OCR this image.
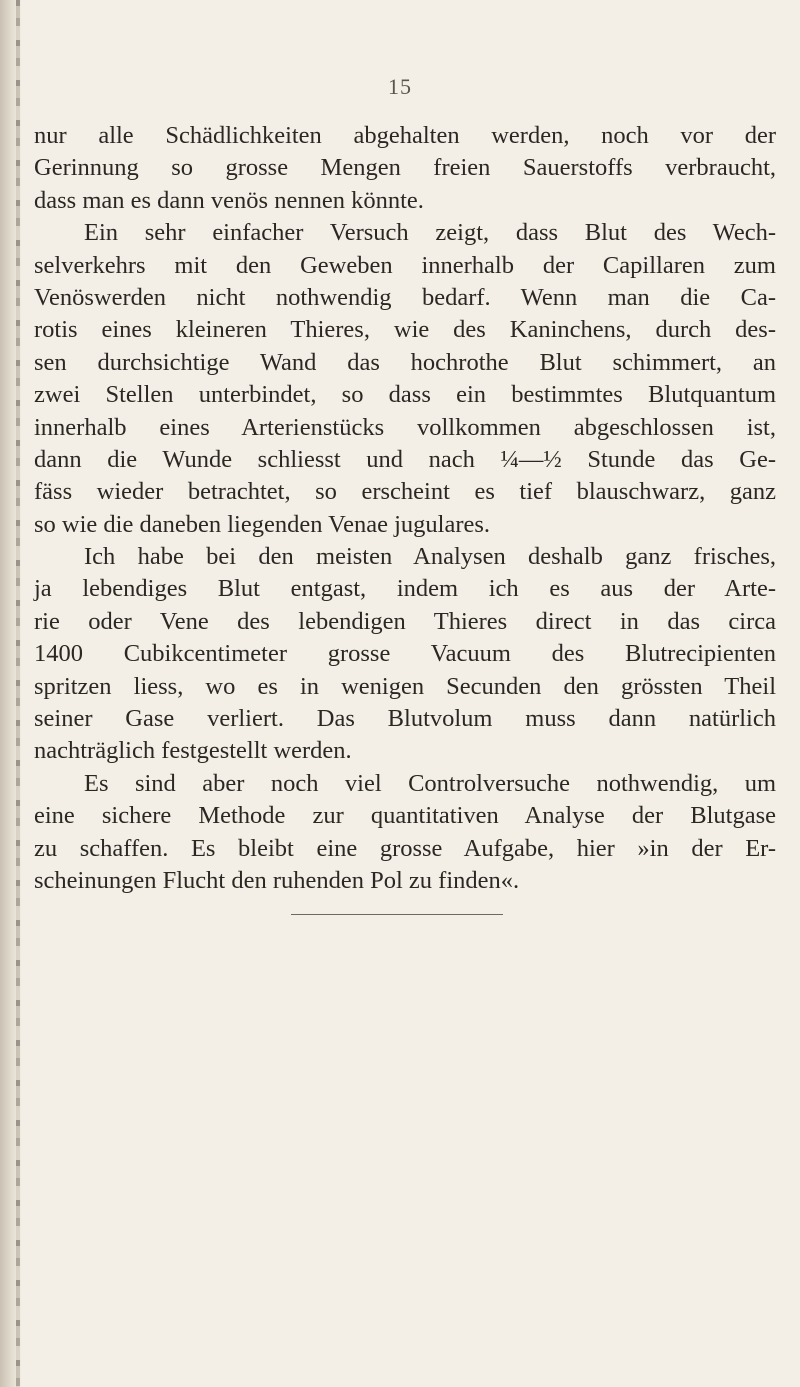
15
nur alle Schädlichkeiten abgehalten werden, noch vor der
Gerinnung so grosse Mengen freien Sauerstoffs verbraucht,
dass man es dann venös nennen könnte.
Ein sehr einfacher Versuch zeigt, dass Blut des Wech-
selverkehrs mit den Geweben innerhalb der Capillaren zum
Venöswerden nicht nothwendig bedarf. Wenn man die Ca-
rotis eines kleineren Thieres, wie des Kaninchens, durch des-
sen durchsichtige Wand das hochrothe Blut schimmert, an
zwei Stellen unterbindet, so dass ein bestimmtes Blutquantum
innerhalb eines Arterienstücks vollkommen abgeschlossen ist,
dann die Wunde schliesst und nach ¼—½ Stunde das Ge-
fäss wieder betrachtet, so erscheint es tief blauschwarz, ganz
so wie die daneben liegenden Venae jugulares.
Ich habe bei den meisten Analysen deshalb ganz frisches,
ja lebendiges Blut entgast, indem ich es aus der Arte-
rie oder Vene des lebendigen Thieres direct in das circa
1400 Cubikcentimeter grosse Vacuum des Blutrecipienten
spritzen liess, wo es in wenigen Secunden den grössten Theil
seiner Gase verliert. Das Blutvolum muss dann natürlich
nachträglich festgestellt werden.
Es sind aber noch viel Controlversuche nothwendig, um
eine sichere Methode zur quantitativen Analyse der Blutgase
zu schaffen. Es bleibt eine grosse Aufgabe, hier »in der Er-
scheinungen Flucht den ruhenden Pol zu finden«.
